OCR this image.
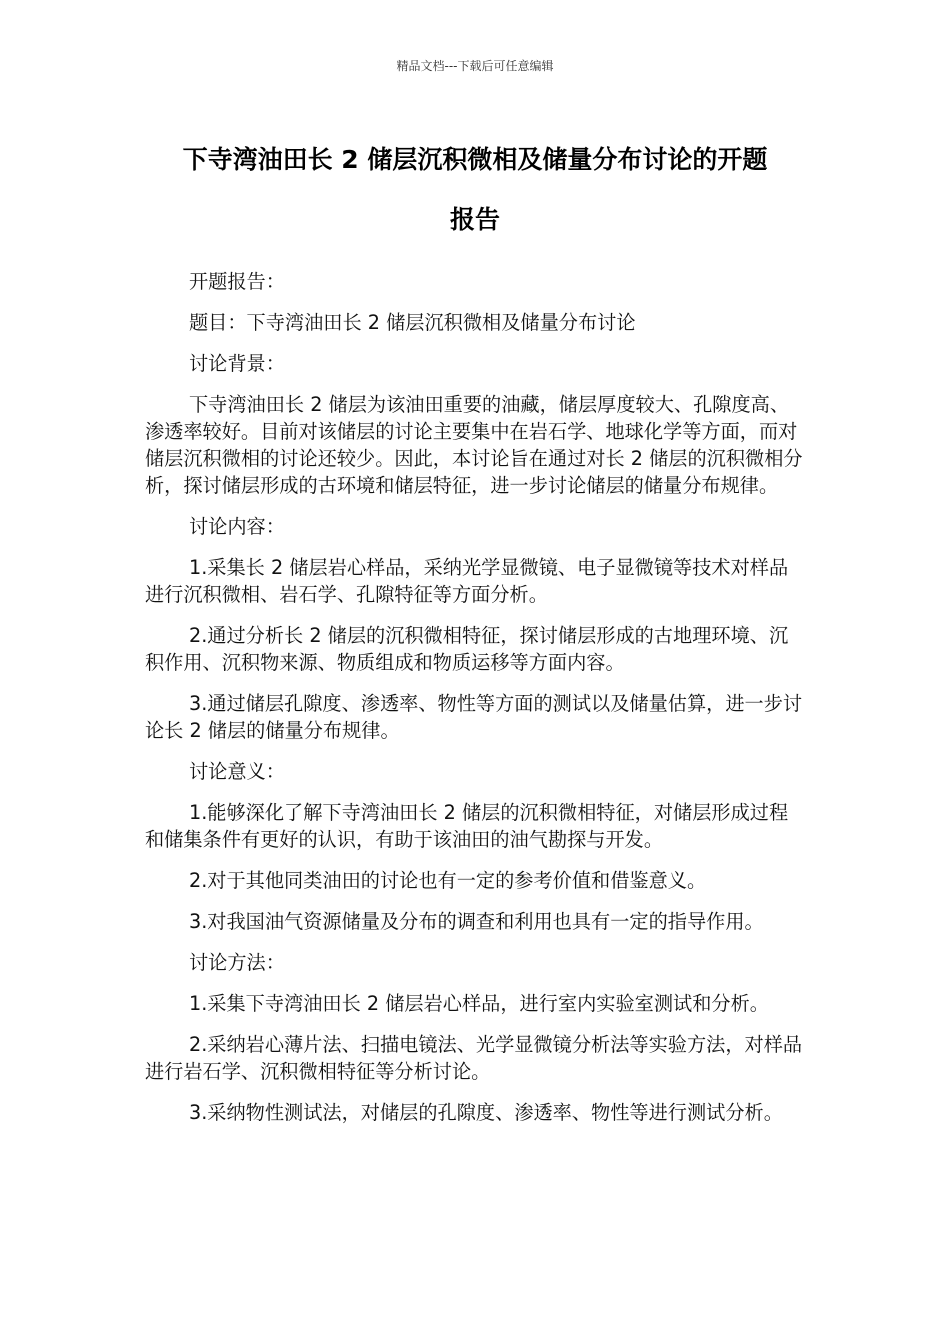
精品文档---下载后可任意编辑
下寺湾油田长 2 储层沉积微相及储量分布讨论的开题
报告

开题报告：

题目：下寺湾油田长 2 储层沉积微相及储量分布讨论

讨论背景：

下寺湾油田长 2 储层为该油田重要的油藏，储层厚度较大、孔隙度高、渗透率较好。目前对该储层的讨论主要集中在岩石学、地球化学等方面，而对储层沉积微相的讨论还较少。因此，本讨论旨在通过对长 2 储层的沉积微相分析，探讨储层形成的古环境和储层特征，进一步讨论储层的储量分布规律。

讨论内容：

1.采集长 2 储层岩心样品，采纳光学显微镜、电子显微镜等技术对样品进行沉积微相、岩石学、孔隙特征等方面分析。

2.通过分析长 2 储层的沉积微相特征，探讨储层形成的古地理环境、沉积作用、沉积物来源、物质组成和物质运移等方面内容。

3.通过储层孔隙度、渗透率、物性等方面的测试以及储量估算，进一步讨论长 2 储层的储量分布规律。

讨论意义：

1.能够深化了解下寺湾油田长 2 储层的沉积微相特征，对储层形成过程和储集条件有更好的认识，有助于该油田的油气勘探与开发。

2.对于其他同类油田的讨论也有一定的参考价值和借鉴意义。

3.对我国油气资源储量及分布的调查和利用也具有一定的指导作用。

讨论方法：

1.采集下寺湾油田长 2 储层岩心样品，进行室内实验室测试和分析。

2.采纳岩心薄片法、扫描电镜法、光学显微镜分析法等实验方法，对样品进行岩石学、沉积微相特征等分析讨论。

3.采纳物性测试法，对储层的孔隙度、渗透率、物性等进行测试分析。
